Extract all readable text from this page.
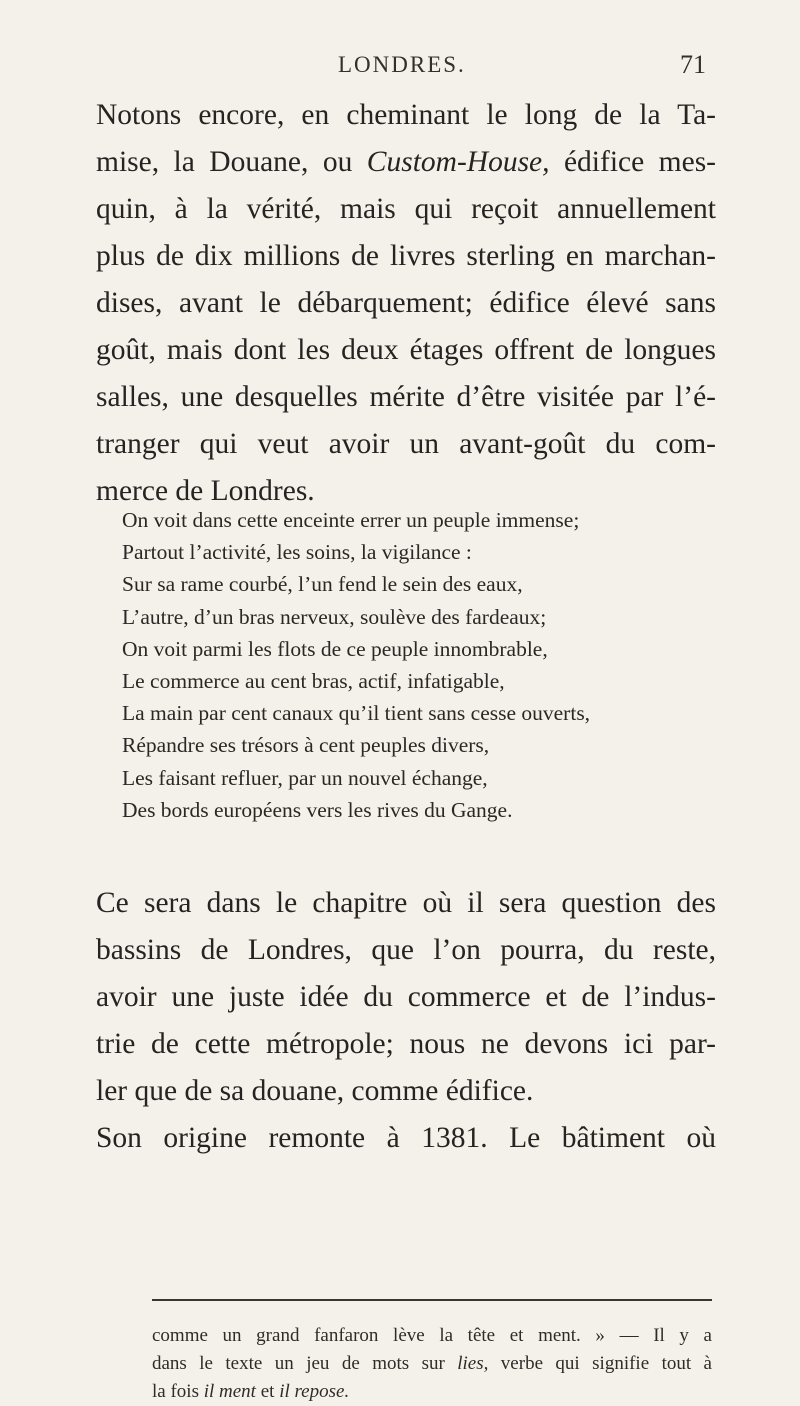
LONDRES.	71
Notons encore, en cheminant le long de la Ta-
mise, la Douane, ou Custom-House, édifice mes-
quin, à la vérité, mais qui reçoit annuellement
plus de dix millions de livres sterling en marchan-
dises, avant le débarquement; édifice élevé sans
goût, mais dont les deux étages offrent de longues
salles, une desquelles mérite d’être visitée par l’é-
tranger qui veut avoir un avant-goût du com-
merce de Londres.
On voit dans cette enceinte errer un peuple immense;
Partout l’activité, les soins, la vigilance :
Sur sa rame courbé, l’un fend le sein des eaux,
L’autre, d’un bras nerveux, soulève des fardeaux;
On voit parmi les flots de ce peuple innombrable,
Le commerce au cent bras, actif, infatigable,
La main par cent canaux qu’il tient sans cesse ouverts,
Répandre ses trésors à cent peuples divers,
Les faisant refluer, par un nouvel échange,
Des bords européens vers les rives du Gange.
Ce sera dans le chapitre où il sera question des
bassins de Londres, que l’on pourra, du reste,
avoir une juste idée du commerce et de l’indus-
trie de cette métropole; nous ne devons ici par-
ler que de sa douane, comme édifice.
Son origine remonte à 1381. Le bâtiment où
comme un grand fanfaron lève la tête et ment. » — Il y a
dans le texte un jeu de mots sur lies, verbe qui signifie tout à
la fois il ment et il repose.
